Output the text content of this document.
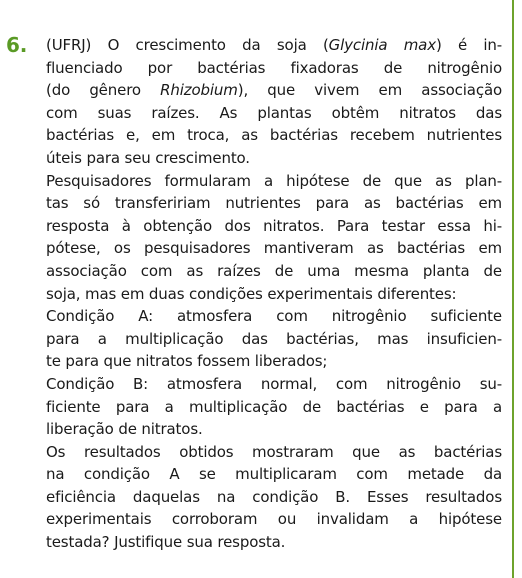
6.	(UFRJ) O crescimento da soja (Glycinia max) é in-
fluenciado por bactérias fixadoras de nitrogênio
(do gênero Rhizobium), que vivem em associação
com suas raízes. As plantas obtêm nitratos das
bactérias e, em troca, as bactérias recebem nutrientes
úteis para seu crescimento.

Pesquisadores formularam a hipótese de que as plan-
tas só transfeririam nutrientes para as bactérias em
resposta à obtenção dos nitratos. Para testar essa hi-
pótese, os pesquisadores mantiveram as bactérias em
associação com as raízes de uma mesma planta de
soja, mas em duas condições experimentais diferentes:

Condição A: atmosfera com nitrogênio suficiente
para a multiplicação das bactérias, mas insuficien-
te para que nitratos fossem liberados;

Condição B: atmosfera normal, com nitrogênio su-
ficiente para a multiplicação de bactérias e para a
liberação de nitratos.

Os resultados obtidos mostraram que as bactérias
na condição A se multiplicaram com metade da
eficiência daquelas na condição B. Esses resultados
experimentais corroboram ou invalidam a hipótese
testada? Justifique sua resposta.
